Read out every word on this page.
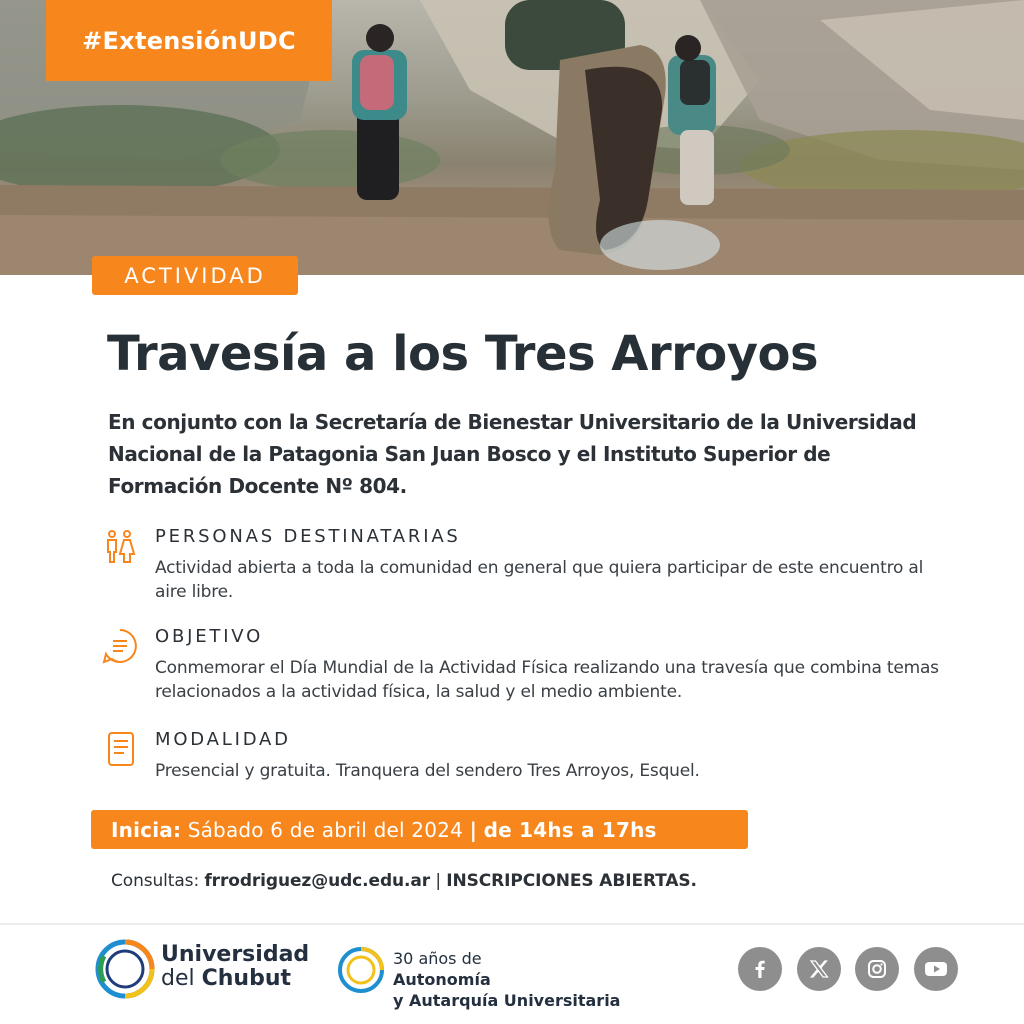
#ExtensiónUDC
ACTIVIDAD
Travesía a los Tres Arroyos
En conjunto con la Secretaría de Bienestar Universitario de la Universidad Nacional de la Patagonia San Juan Bosco y el Instituto Superior de Formación Docente Nº 804.
PERSONAS DESTINATARIAS
Actividad abierta a toda la comunidad en general que quiera participar de este encuentro al aire libre.
OBJETIVO
Conmemorar el Día Mundial de la Actividad Física realizando una travesía que combina temas relacionados a la actividad física, la salud y el medio ambiente.
MODALIDAD
Presencial y gratuita. Tranquera del sendero Tres Arroyos, Esquel.
Inicia:
Sábado 6 de abril del 2024
|
de 14hs a 17hs
Consultas: frrodriguez@udc.edu.ar | INSCRIPCIONES ABIERTAS.
Universidad
del Chubut
30 años de
Autonomía
y Autarquía Universitaria
